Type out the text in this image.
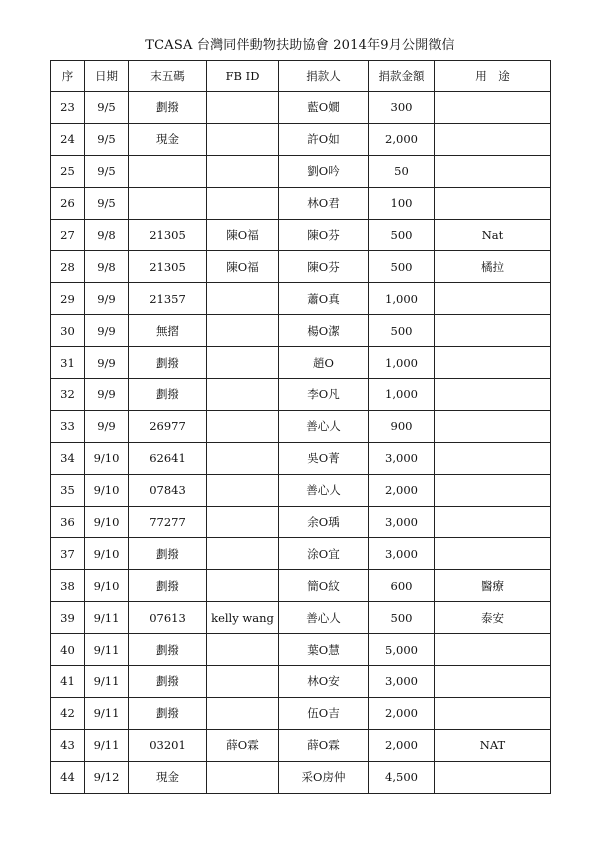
TCASA 台灣同伴動物扶助協會 2014年9月公開徵信
序	日期	末五碼	FB ID	捐款人	捐款金額	用　途
23	9/5	劃撥		藍O嫺	300	
24	9/5	現金		許O如	2,000	
25	9/5			劉O吟	50	
26	9/5			林O君	100	
27	9/8	21305	陳O福	陳O芬	500	Nat
28	9/8	21305	陳O福	陳O芬	500	橘拉
29	9/9	21357		蕭O真	1,000	
30	9/9	無摺		楊O潔	500	
31	9/9	劃撥		趙O	1,000	
32	9/9	劃撥		李O凡	1,000	
33	9/9	26977		善心人	900	
34	9/10	62641		吳O菁	3,000	
35	9/10	07843		善心人	2,000	
36	9/10	77277		余O瑀	3,000	
37	9/10	劃撥		涂O宜	3,000	
38	9/10	劃撥		簡O紋	600	醫療
39	9/11	07613	kelly wang	善心人	500	泰安
40	9/11	劃撥		葉O慧	5,000	
41	9/11	劃撥		林O安	3,000	
42	9/11	劃撥		伍O吉	2,000	
43	9/11	03201	薛O霖	薛O霖	2,000	NAT
44	9/12	現金		采O房仲	4,500	
